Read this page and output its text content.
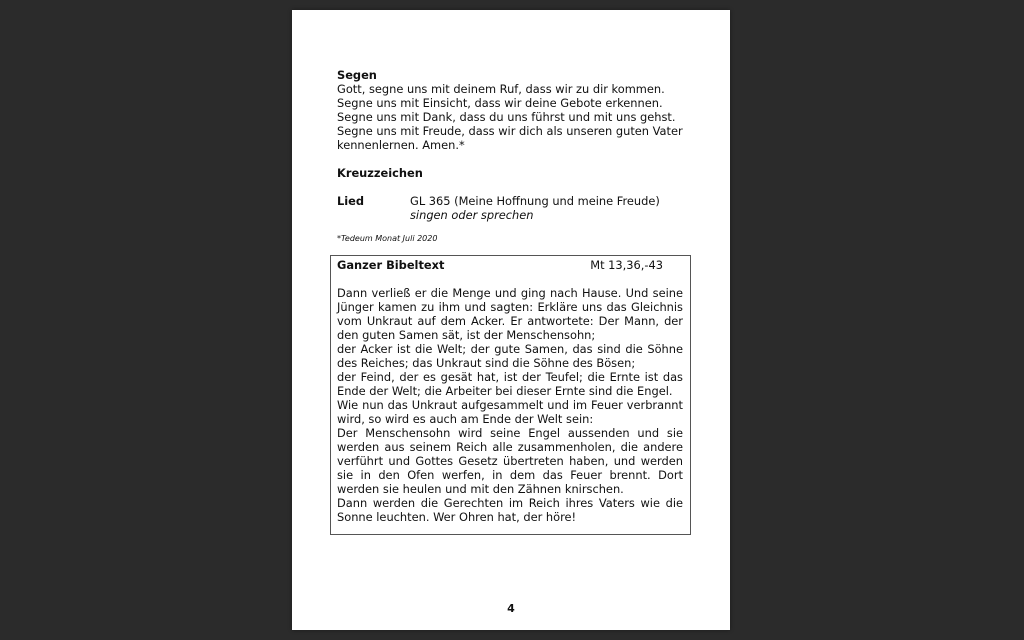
Segen
Gott, segne uns mit deinem Ruf, dass wir zu dir kommen.
Segne uns mit Einsicht, dass wir deine Gebote erkennen.
Segne uns mit Dank, dass du uns führst und mit uns gehst.
Segne uns mit Freude, dass wir dich als unseren guten Vater
kennenlernen. Amen.*
Kreuzzeichen
Lied	GL 365 (Meine Hoffnung und meine Freude)
singen oder sprechen
*Tedeum Monat Juli 2020
Ganzer Bibeltext	Mt 13,36,-43

Dann verließ er die Menge und ging nach Hause. Und seine Jünger kamen zu ihm und sagten: Erkläre uns das Gleichnis vom Unkraut auf dem Acker. Er antwortete: Der Mann, der den guten Samen sät, ist der Menschensohn;

der Acker ist die Welt; der gute Samen, das sind die Söhne des Reiches; das Unkraut sind die Söhne des Bösen;

der Feind, der es gesät hat, ist der Teufel; die Ernte ist das Ende der Welt; die Arbeiter bei dieser Ernte sind die Engel.

Wie nun das Unkraut aufgesammelt und im Feuer verbrannt wird, so wird es auch am Ende der Welt sein:

Der Menschensohn wird seine Engel aussenden und sie werden aus seinem Reich alle zusammenholen, die andere verführt und Gottes Gesetz übertreten haben, und werden sie in den Ofen werfen, in dem das Feuer brennt. Dort werden sie heulen und mit den Zähnen knirschen.

Dann werden die Gerechten im Reich ihres Vaters wie die Sonne leuchten. Wer Ohren hat, der höre!

4
